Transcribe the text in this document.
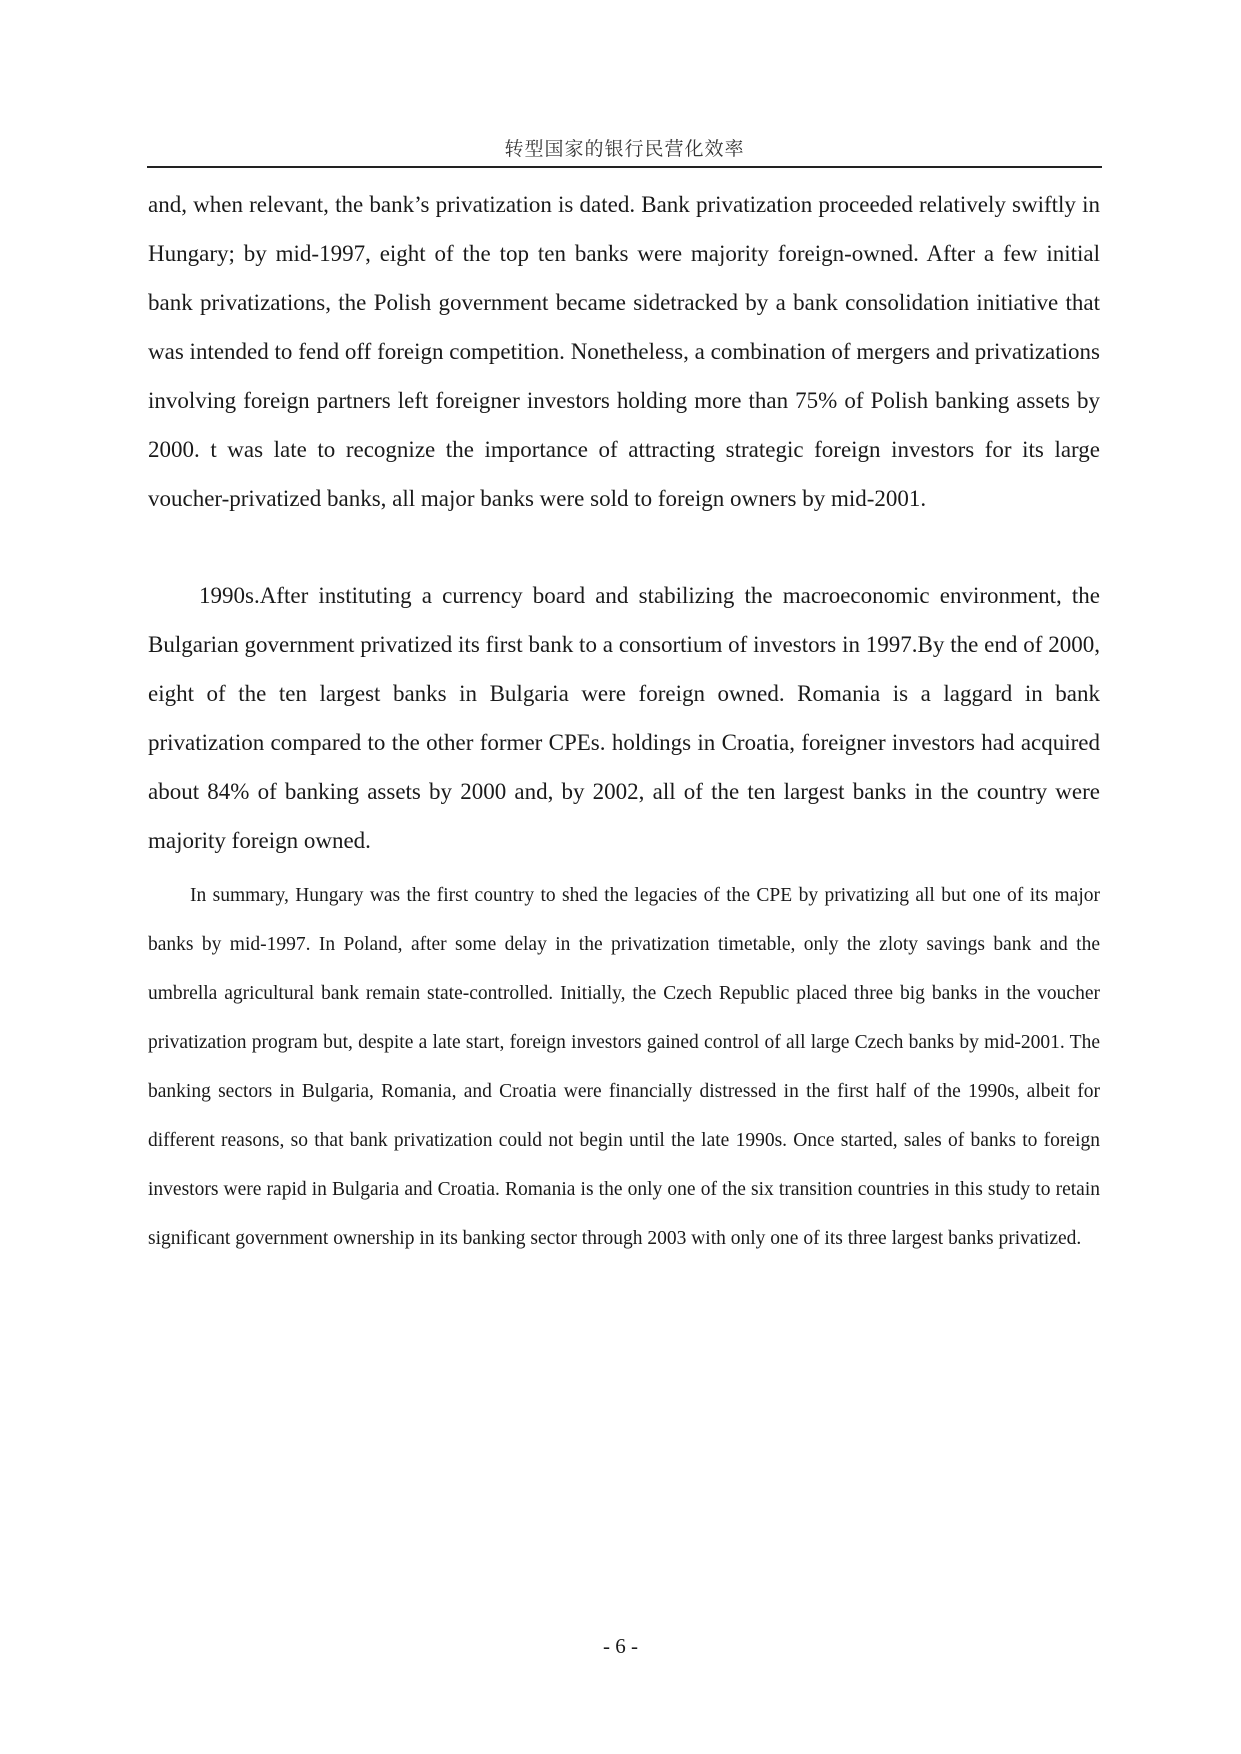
转型国家的银行民营化效率

and, when relevant, the bank’s privatization is dated. Bank privatization proceeded relatively swiftly in Hungary; by mid-1997, eight of the top ten banks were majority foreign-owned. After a few initial bank privatizations, the Polish government became sidetracked by a bank consolidation initiative that was intended to fend off foreign competition. Nonetheless, a combination of mergers and privatizations involving foreign partners left foreigner investors holding more than 75% of Polish banking assets by 2000. t was late to recognize the importance of attracting strategic foreign investors for its large voucher-privatized banks, all major banks were sold to foreign owners by mid-2001.

1990s.After instituting a currency board and stabilizing the macroeconomic environment, the Bulgarian government privatized its first bank to a consortium of investors in 1997.By the end of 2000, eight of the ten largest banks in Bulgaria were foreign owned. Romania is a laggard in bank privatization compared to the other former CPEs. holdings in Croatia, foreigner investors had acquired about 84% of banking assets by 2000 and, by 2002, all of the ten largest banks in the country were majority foreign owned.

In summary, Hungary was the first country to shed the legacies of the CPE by privatizing all but one of its major banks by mid-1997. In Poland, after some delay in the privatization timetable, only the zloty savings bank and the umbrella agricultural bank remain state-controlled. Initially, the Czech Republic placed three big banks in the voucher privatization program but, despite a late start, foreign investors gained control of all large Czech banks by mid-2001. The banking sectors in Bulgaria, Romania, and Croatia were financially distressed in the first half of the 1990s, albeit for different reasons, so that bank privatization could not begin until the late 1990s. Once started, sales of banks to foreign investors were rapid in Bulgaria and Croatia. Romania is the only one of the six transition countries in this study to retain significant government ownership in its banking sector through 2003 with only one of its three largest banks privatized.

- 6 -
